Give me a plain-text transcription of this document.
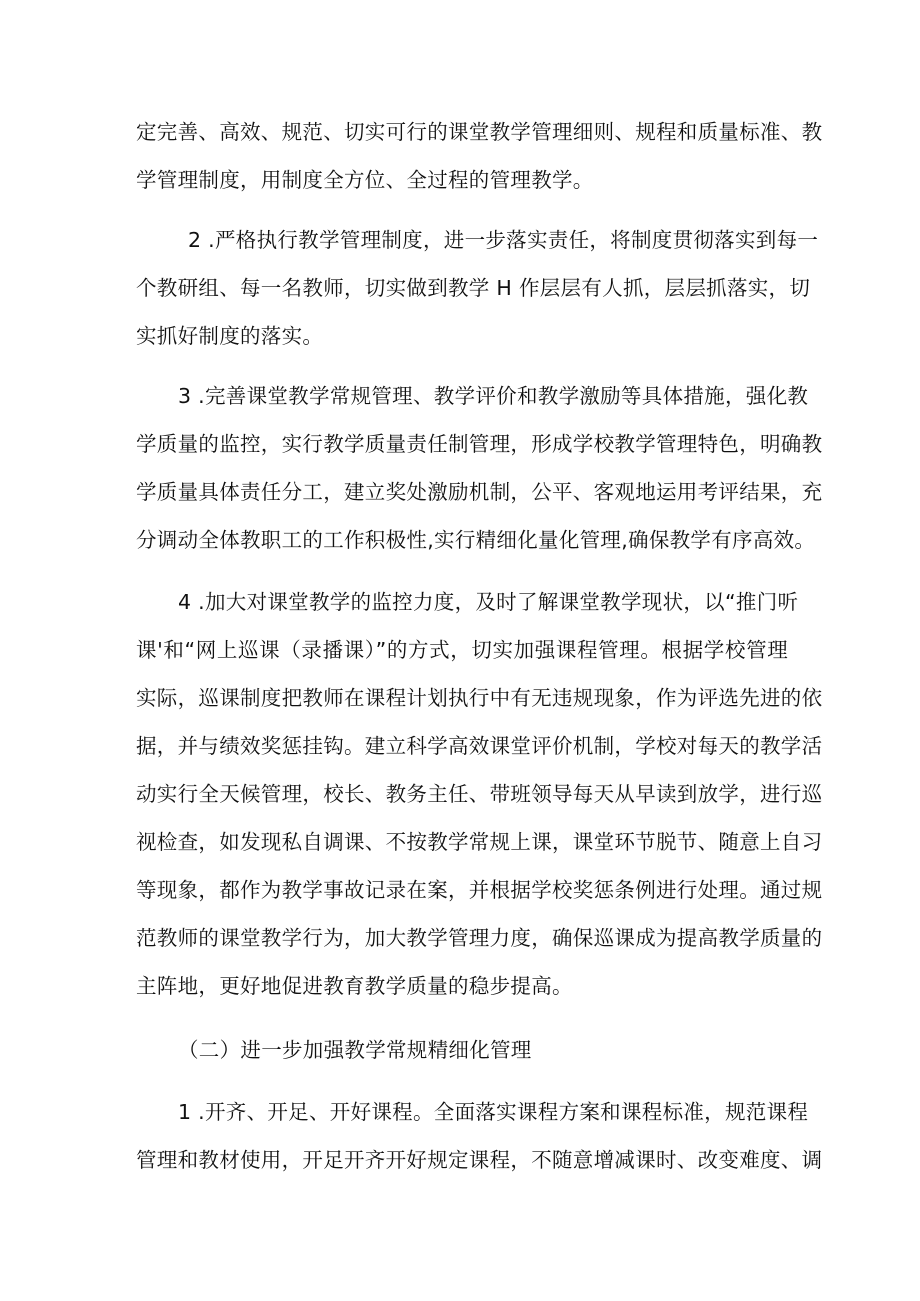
定完善、高效、规范、切实可行的课堂教学管理细则、规程和质量标准、教
学管理制度，用制度全方位、全过程的管理教学。
2 .严格执行教学管理制度，进一步落实责任，将制度贯彻落实到每一
个教研组、每一名教师，切实做到教学 H 作层层有人抓，层层抓落实，切
实抓好制度的落实。
3 .完善课堂教学常规管理、教学评价和教学激励等具体措施，强化教
学质量的监控，实行教学质量责任制管理，形成学校教学管理特色，明确教
学质量具体责任分工，建立奖处激励机制，公平、客观地运用考评结果，充
分调动全体教职工的工作积极性,实行精细化量化管理,确保教学有序高效。
4 .加大对课堂教学的监控力度，及时了解课堂教学现状，以“推门听
课'和“网上巡课（录播课）”的方式，切实加强课程管理。根据学校管理
实际，巡课制度把教师在课程计划执行中有无违规现象，作为评选先进的依
据，并与绩效奖惩挂钩。建立科学高效课堂评价机制，学校对每天的教学活
动实行全天候管理，校长、教务主任、带班领导每天从早读到放学，进行巡
视检查，如发现私自调课、不按教学常规上课，课堂环节脱节、随意上自习
等现象，都作为教学事故记录在案，并根据学校奖惩条例进行处理。通过规
范教师的课堂教学行为，加大教学管理力度，确保巡课成为提高教学质量的
主阵地，更好地促进教育教学质量的稳步提高。
（二）进一步加强教学常规精细化管理
1 .开齐、开足、开好课程。全面落实课程方案和课程标准，规范课程
管理和教材使用，开足开齐开好规定课程，不随意增减课时、改变难度、调
